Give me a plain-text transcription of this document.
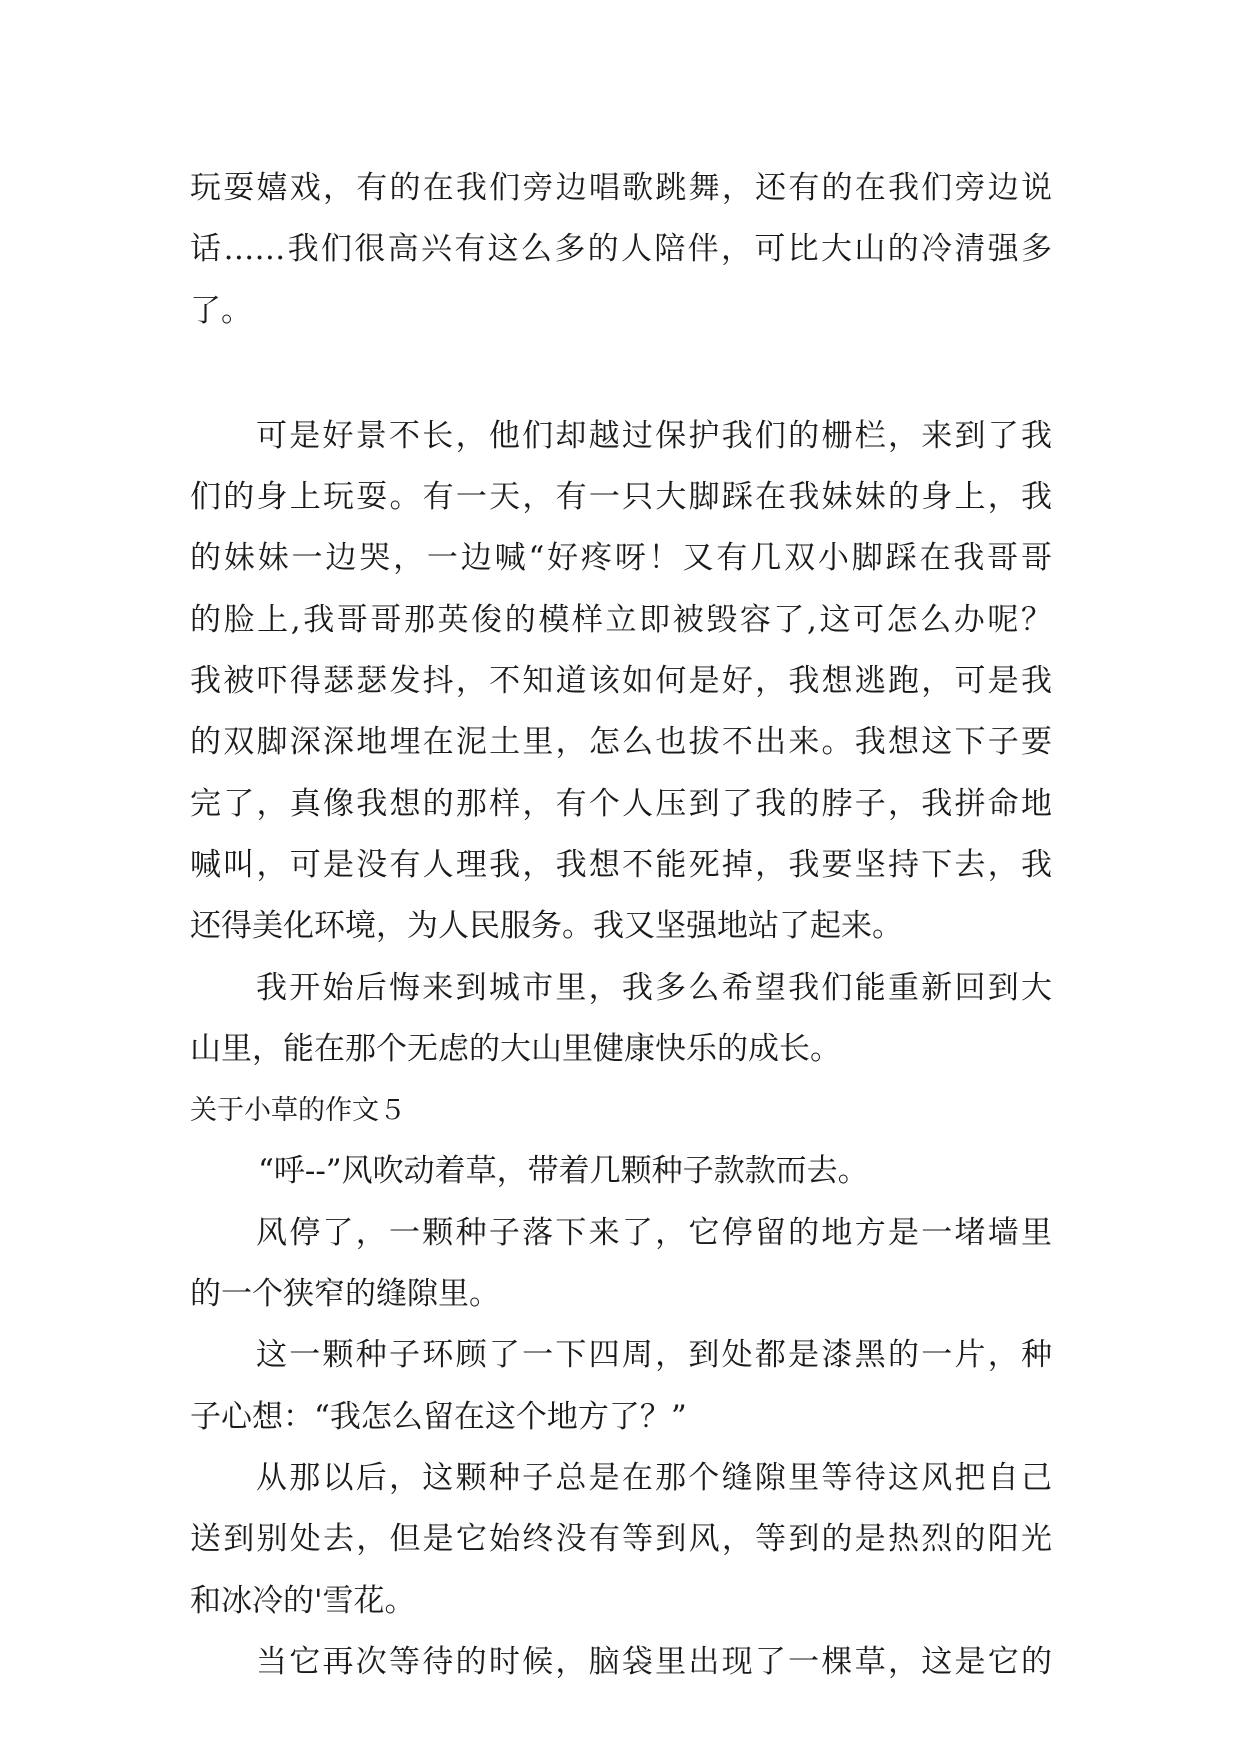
玩耍嬉戏，有的在我们旁边唱歌跳舞，还有的在我们旁边说
话……我们很高兴有这么多的人陪伴，可比大山的冷清强多
了。
可是好景不长，他们却越过保护我们的栅栏，来到了我
们的身上玩耍。有一天，有一只大脚踩在我妹妹的身上，我
的妹妹一边哭，一边喊“好疼呀！又有几双小脚踩在我哥哥
的脸上,我哥哥那英俊的模样立即被毁容了,这可怎么办呢？
我被吓得瑟瑟发抖，不知道该如何是好，我想逃跑，可是我
的双脚深深地埋在泥土里，怎么也拔不出来。我想这下子要
完了，真像我想的那样，有个人压到了我的脖子，我拼命地
喊叫，可是没有人理我，我想不能死掉，我要坚持下去，我
还得美化环境，为人民服务。我又坚强地站了起来。
我开始后悔来到城市里，我多么希望我们能重新回到大
山里，能在那个无虑的大山里健康快乐的成长。
关于小草的作文５
“呼--”风吹动着草，带着几颗种子款款而去。
风停了，一颗种子落下来了，它停留的地方是一堵墙里
的一个狭窄的缝隙里。
这一颗种子环顾了一下四周，到处都是漆黑的一片，种
子心想：“我怎么留在这个地方了？”
从那以后，这颗种子总是在那个缝隙里等待这风把自己
送到别处去，但是它始终没有等到风，等到的是热烈的阳光
和冰冷的'雪花。
当它再次等待的时候，脑袋里出现了一棵草，这是它的
